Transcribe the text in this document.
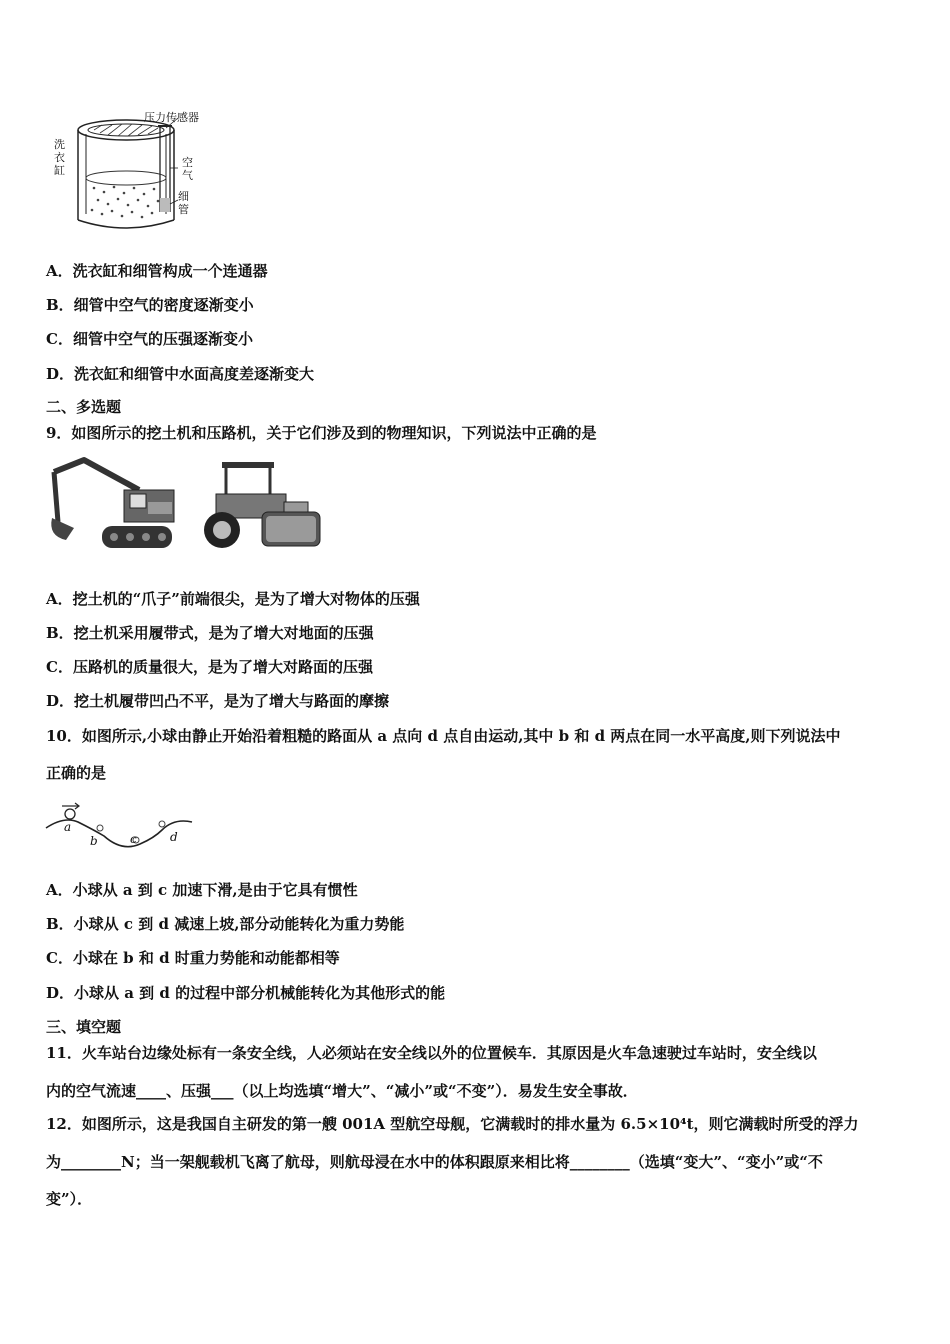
压力传感器
洗衣缸
空气
细管
A．洗衣缸和细管构成一个连通器
B．细管中空气的密度逐渐变小
C．细管中空气的压强逐渐变小
D．洗衣缸和细管中水面高度差逐渐变大
二、多选题
9．如图所示的挖土机和压路机，关于它们涉及到的物理知识，下列说法中正确的是
A．挖土机的“爪子”前端很尖，是为了增大对物体的压强
B．挖土机采用履带式，是为了增大对地面的压强
C．压路机的质量很大，是为了增大对路面的压强
D．挖土机履带凹凸不平，是为了增大与路面的摩擦
10．如图所示,小球由静止开始沿着粗糙的路面从 a 点向 d 点自由运动,其中 b 和 d 两点在同一水平高度,则下列说法中
正确的是
a
b	c	d
A．小球从 a 到 c 加速下滑,是由于它具有惯性
B．小球从 c 到 d 减速上坡,部分动能转化为重力势能
C．小球在 b 和 d 时重力势能和动能都相等
D．小球从 a 到 d 的过程中部分机械能转化为其他形式的能
三、填空题
11．火车站台边缘处标有一条安全线，人必须站在安全线以外的位置候车．其原因是火车急速驶过车站时，安全线以
内的空气流速____、压强___（以上均选填“增大”、“减小”或“不变”）．易发生安全事故．
12．如图所示，这是我国自主研发的第一艘 001A 型航空母舰，它满载时的排水量为 6.5×10⁴t，则它满载时所受的浮力
为________N；当一架舰载机飞离了航母，则航母浸在水中的体积跟原来相比将________（选填“变大”、“变小”或“不
变”）．
